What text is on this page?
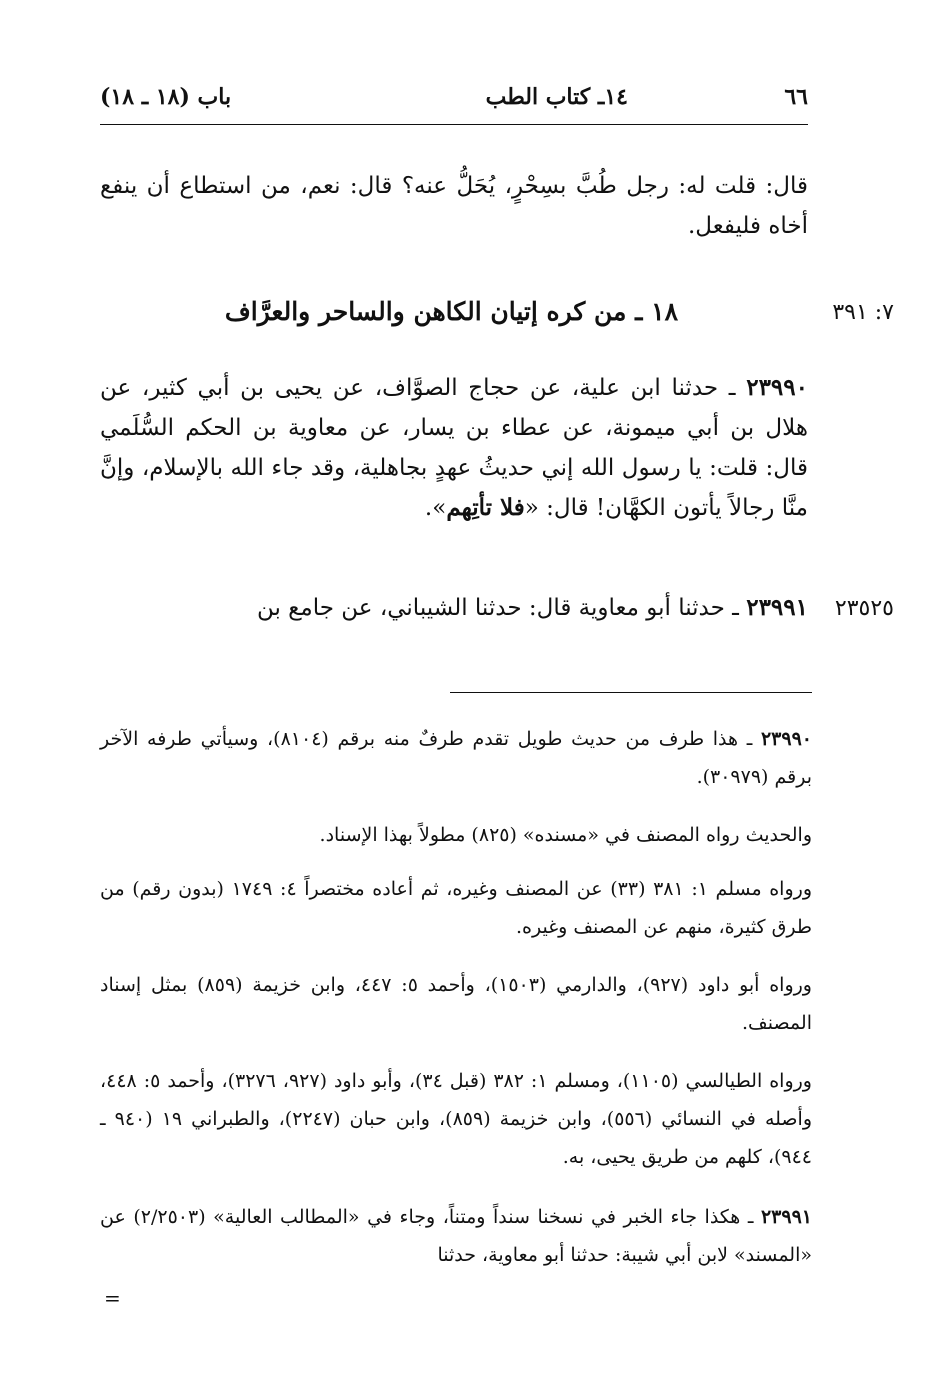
٦٦
١٤ـ كتاب الطب
باب (١٨ ـ ١٨)
قال: قلت له: رجل طُبَّ بسِحْرٍ، يُحَلُّ عنه؟ قال: نعم، من استطاع أن ينفع أخاه فليفعل.
٧: ٣٩١
١٨ ـ من كره إتيان الكاهن والساحر والعرَّاف
٢٣٩٩٠ ـ حدثنا ابن علية، عن حجاج الصوَّاف، عن يحيى بن أبي كثير، عن هلال بن أبي ميمونة، عن عطاء بن يسار، عن معاوية بن الحكم السُّلَمي قال: قلت: يا رسول الله إني حديثُ عهدٍ بجاهلية، وقد جاء الله بالإسلام، وإنَّ منَّا رجالاً يأتون الكهَّان! قال: «فلا تأتِهم».
٢٣٥٢٥
٢٣٩٩١ ـ حدثنا أبو معاوية قال: حدثنا الشيباني، عن جامع بن
٢٣٩٩٠ ـ هذا طرف من حديث طويل تقدم طرفٌ منه برقم (٨١٠٤)، وسيأتي طرفه الآخر برقم (٣٠٩٧٩).
والحديث رواه المصنف في «مسنده» (٨٢٥) مطولاً بهذا الإسناد.
ورواه مسلم ١: ٣٨١ (٣٣) عن المصنف وغيره، ثم أعاده مختصراً ٤: ١٧٤٩ (بدون رقم) من طرق كثيرة، منهم عن المصنف وغيره.
ورواه أبو داود (٩٢٧)، والدارمي (١٥٠٣)، وأحمد ٥: ٤٤٧، وابن خزيمة (٨٥٩) بمثل إسناد المصنف.
ورواه الطيالسي (١١٠٥)، ومسلم ١: ٣٨٢ (قبل ٣٤)، وأبو داود (٩٢٧، ٣٢٧٦)، وأحمد ٥: ٤٤٨، وأصله في النسائي (٥٥٦)، وابن خزيمة (٨٥٩)، وابن حبان (٢٢٤٧)، والطبراني ١٩ (٩٤٠ ـ ٩٤٤)، كلهم من طريق يحيى، به.
٢٣٩٩١ ـ هكذا جاء الخبر في نسخنا سنداً ومتناً، وجاء في «المطالب العالية» (٢/٢٥٠٣) عن «المسند» لابن أبي شيبة: حدثنا أبو معاوية، حدثنا
=
